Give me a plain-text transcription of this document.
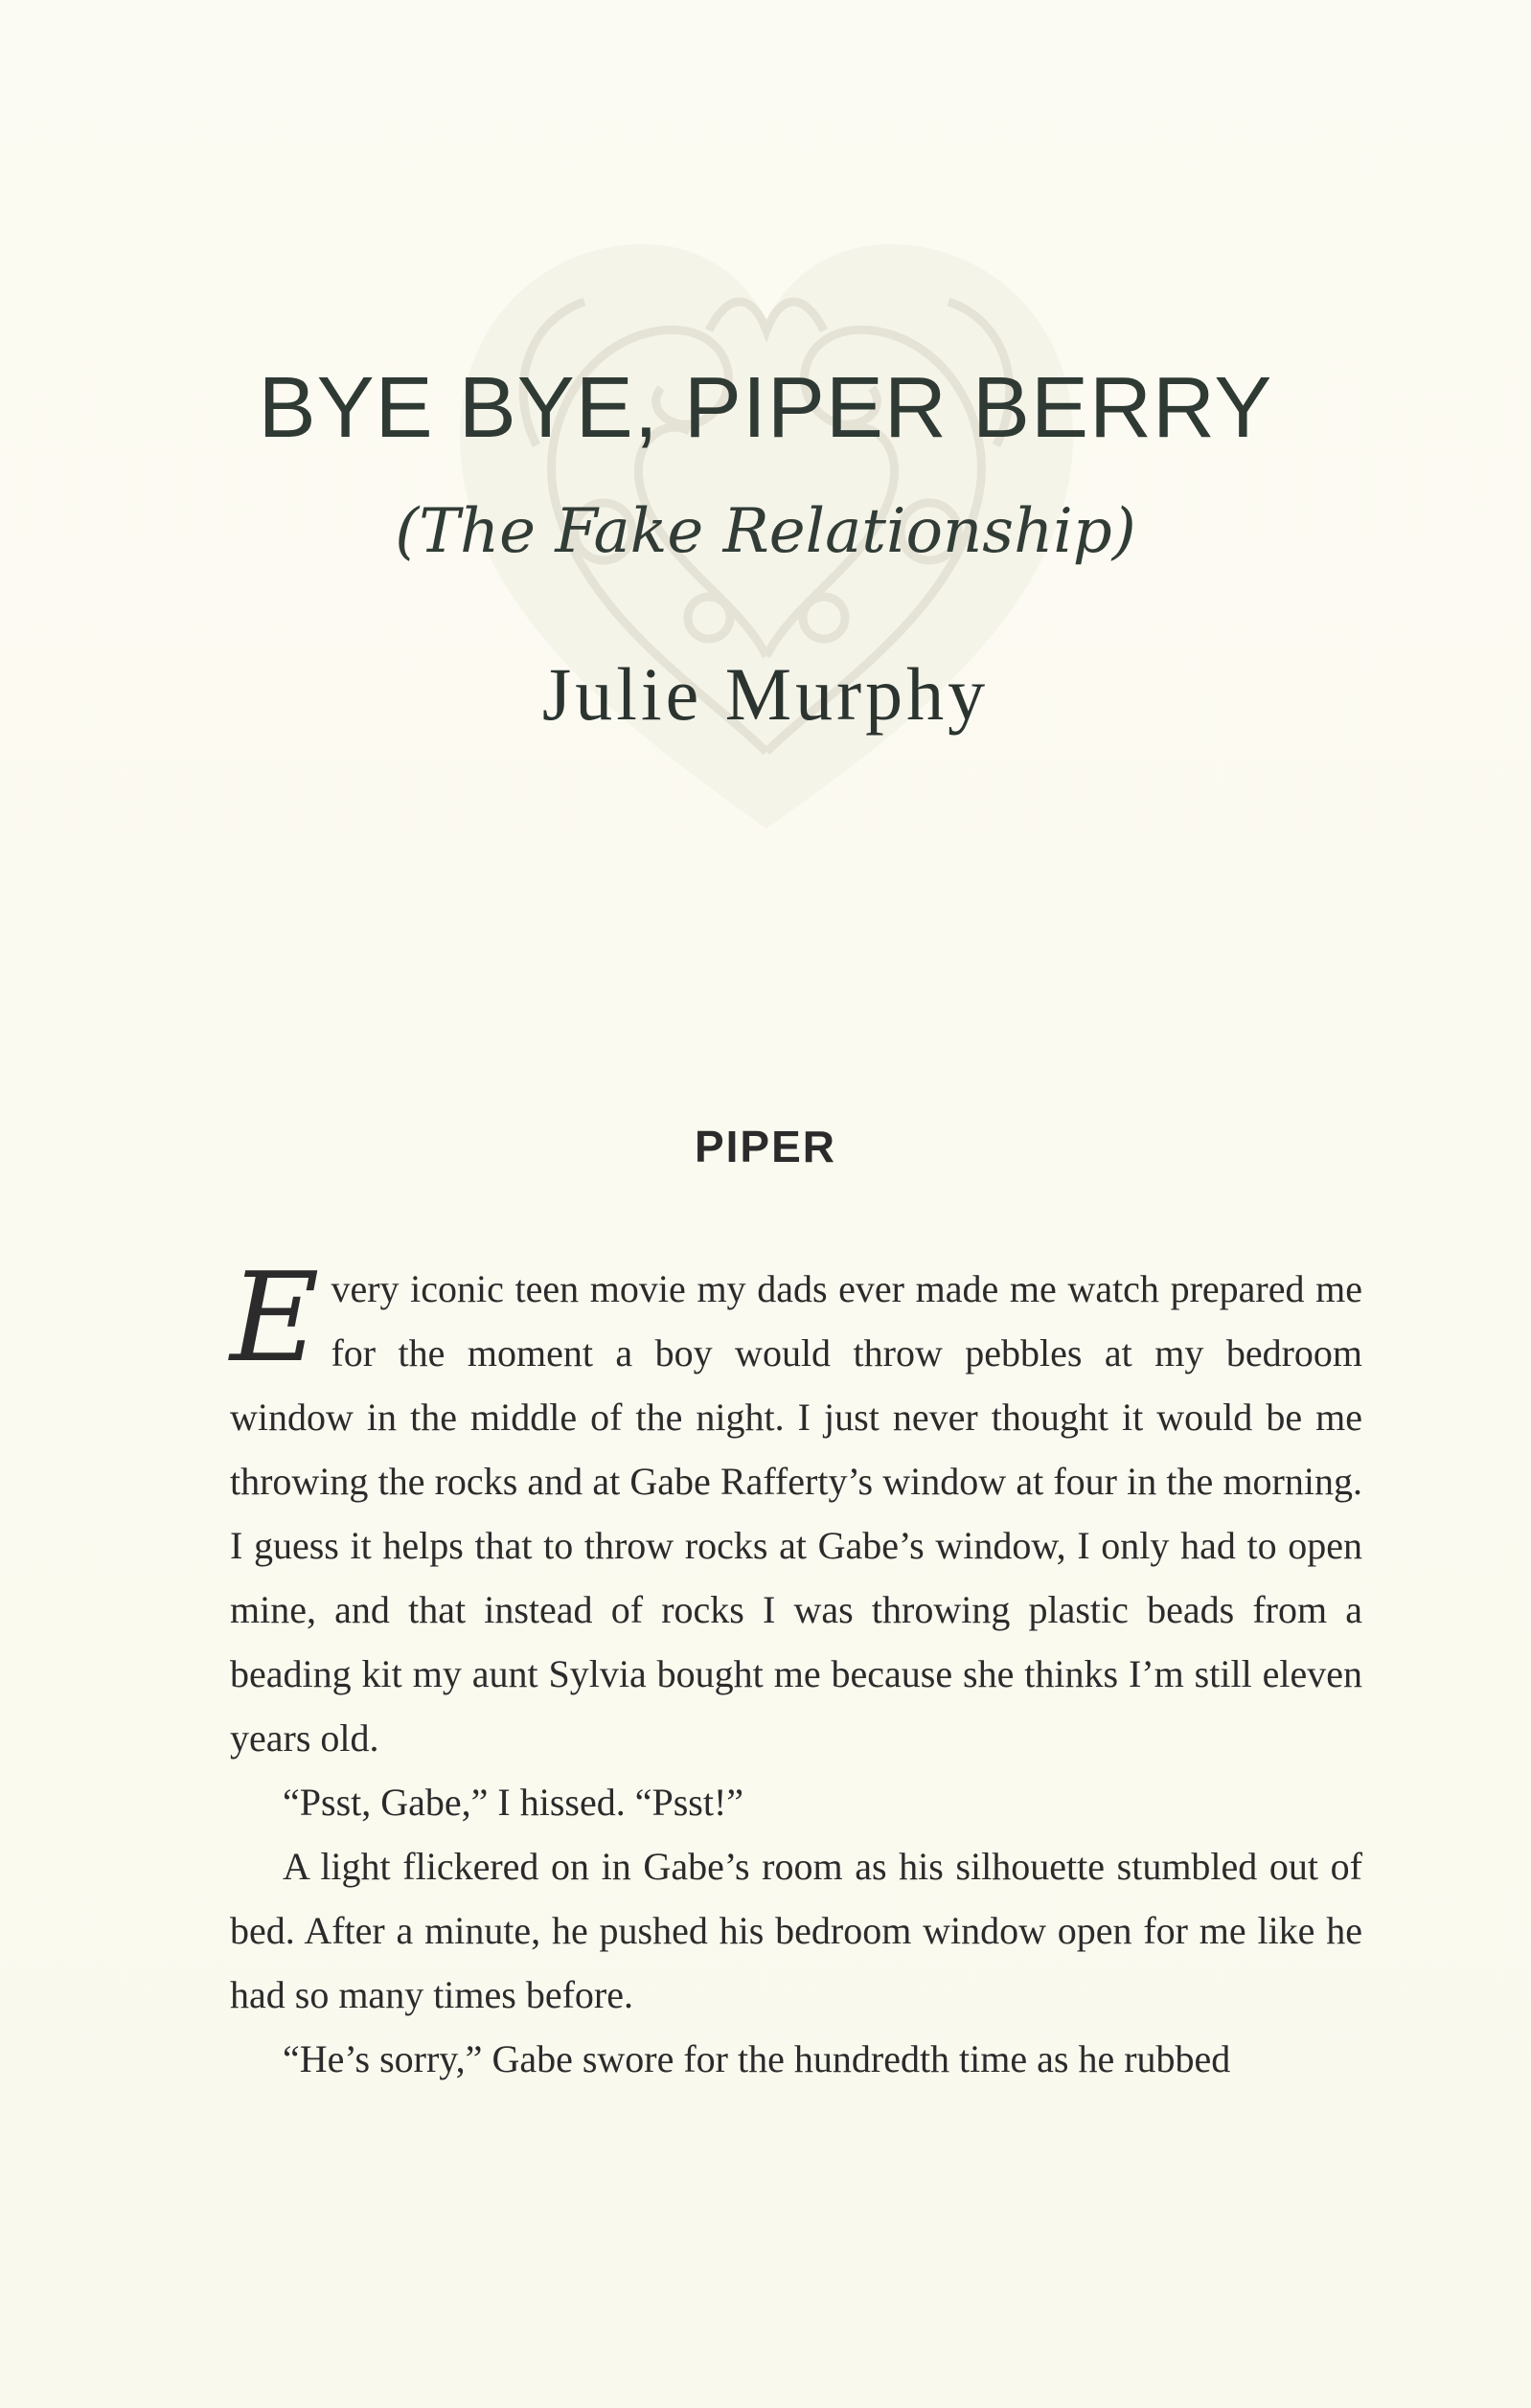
BYE BYE, PIPER BERRY
(The Fake Relationship)
Julie Murphy
PIPER

Every iconic teen movie my dads ever made me watch prepared me for the moment a boy would throw pebbles at my bedroom window in the middle of the night. I just never thought it would be me throwing the rocks and at Gabe Rafferty’s window at four in the morning. I guess it helps that to throw rocks at Gabe’s window, I only had to open mine, and that instead of rocks I was throwing plastic beads from a beading kit my aunt Sylvia bought me because she thinks I’m still eleven years old.

“Psst, Gabe,” I hissed. “Psst!”

A light flickered on in Gabe’s room as his silhouette stumbled out of bed. After a minute, he pushed his bedroom window open for me like he had so many times before.

“He’s sorry,” Gabe swore for the hundredth time as he rubbed
